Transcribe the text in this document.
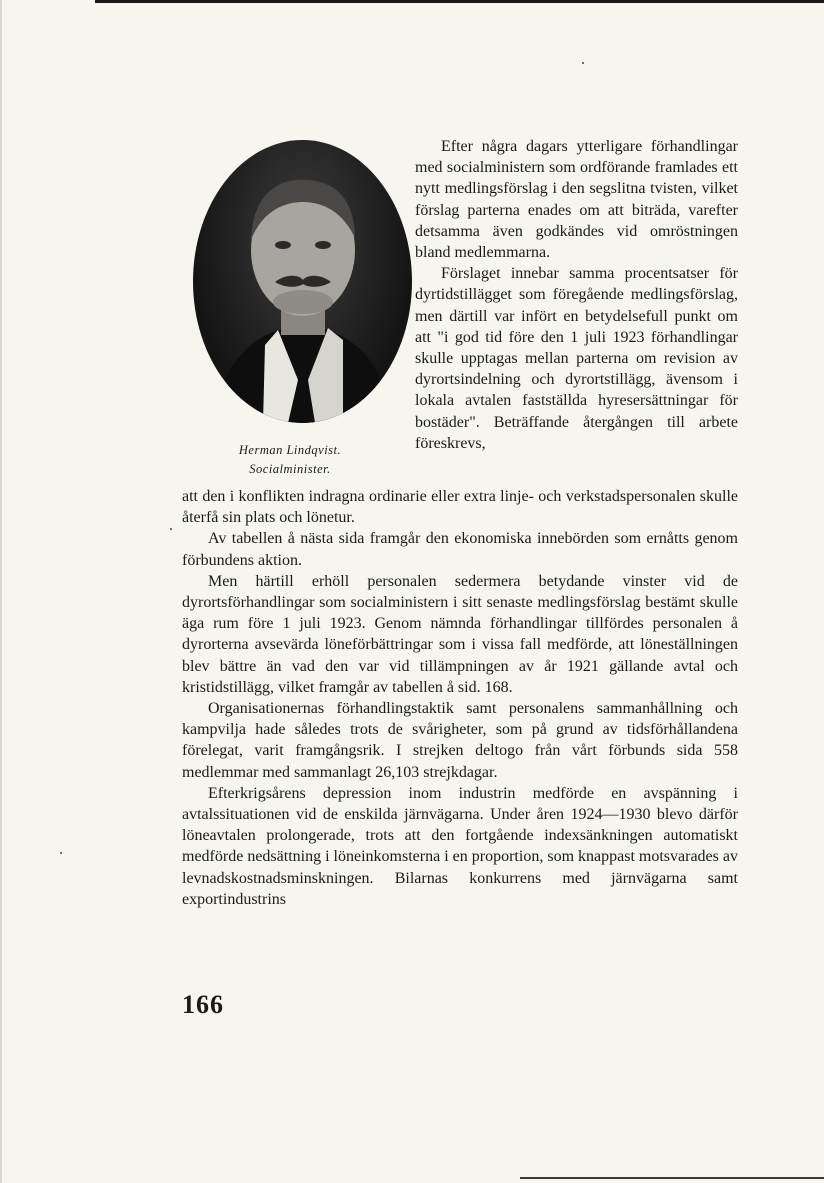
Herman Lindqvist.
Socialminister.

Efter några dagars ytterligare förhandlingar med socialministern som ordförande framlades ett nytt medlingsförslag i den segslitna tvisten, vilket förslag parterna enades om att biträda, varefter detsamma även godkändes vid omröstningen bland medlemmarna.

Förslaget innebar samma procentsatser för dyrtidstillägget som föregående medlingsförslag, men därtill var infört en betydelsefull punkt om att "i god tid före den 1 juli 1923 förhandlingar skulle upptagas mellan parterna om revision av dyrortsindelning och dyrortstillägg, ävensom i lokala avtalen fastställda hyresersättningar för bostäder". Beträffande återgången till arbete föreskrevs,

att den i konflikten indragna ordinarie eller extra linje- och verkstadspersonalen skulle återfå sin plats och lönetur.

Av tabellen å nästa sida framgår den ekonomiska innebörden som ernåtts genom förbundens aktion.

Men härtill erhöll personalen sedermera betydande vinster vid de dyrortsförhandlingar som socialministern i sitt senaste medlingsförslag bestämt skulle äga rum före 1 juli 1923. Genom nämnda förhandlingar tillfördes personalen å dyrorterna avsevärda löneförbättringar som i vissa fall medförde, att löneställningen blev bättre än vad den var vid tillämpningen av år 1921 gällande avtal och kristidstillägg, vilket framgår av tabellen å sid. 168.

Organisationernas förhandlingstaktik samt personalens sammanhållning och kampvilja hade således trots de svårigheter, som på grund av tidsförhållandena förelegat, varit framgångsrik. I strejken deltogo från vårt förbunds sida 558 medlemmar med sammanlagt 26,103 strejkdagar.

Efterkrigsårens depression inom industrin medförde en avspänning i avtalssituationen vid de enskilda järnvägarna. Under åren 1924—1930 blevo därför löneavtalen prolongerade, trots att den fortgående indexsänkningen automatiskt medförde nedsättning i löneinkomsterna i en proportion, som knappast motsvarades av levnadskostnadsminskningen. Bilarnas konkurrens med järnvägarna samt exportindustrins

166
